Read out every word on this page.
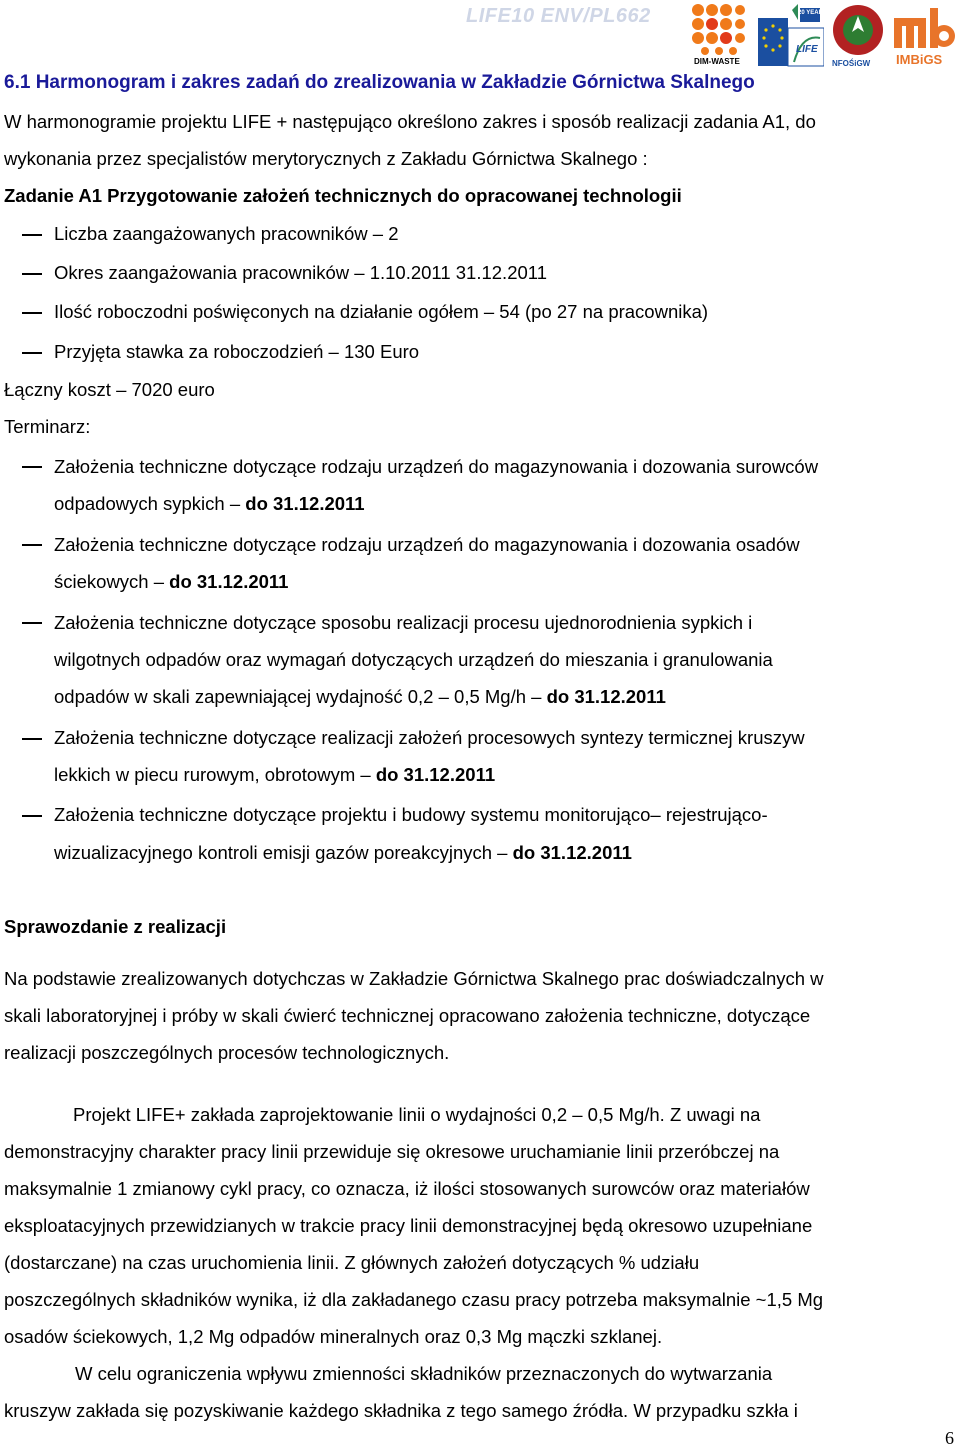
LIFE10 ENV/PL662
DIM-WASTE
20 YEARS
LIFE
NFOŚiGW IMBiGS
6.1 Harmonogram i zakres zadań do zrealizowania w Zakładzie Górnictwa Skalnego
W harmonogramie projektu LIFE + następująco określono zakres i sposób realizacji zadania A1, do
wykonania przez specjalistów merytorycznych z Zakładu Górnictwa Skalnego :
Zadanie A1 Przygotowanie założeń technicznych do opracowanej technologii
Liczba zaangażowanych pracowników – 2
Okres zaangażowania pracowników – 1.10.2011 31.12.2011
Ilość roboczodni poświęconych na działanie ogółem – 54 (po 27 na pracownika)
Przyjęta stawka za roboczodzień – 130 Euro
Łączny koszt – 7020 euro
Terminarz:
Założenia techniczne dotyczące rodzaju urządzeń do magazynowania i dozowania surowców
odpadowych sypkich – do 31.12.2011
Założenia techniczne dotyczące rodzaju urządzeń do magazynowania i dozowania osadów
ściekowych – do 31.12.2011
Założenia techniczne dotyczące sposobu realizacji procesu ujednorodnienia sypkich i
wilgotnych odpadów oraz wymagań dotyczących urządzeń do mieszania i granulowania
odpadów w skali zapewniającej wydajność 0,2 – 0,5 Mg/h – do 31.12.2011
Założenia techniczne dotyczące realizacji założeń procesowych syntezy termicznej kruszyw
lekkich w piecu rurowym, obrotowym – do 31.12.2011
Założenia techniczne dotyczące projektu i budowy systemu monitorująco– rejestrująco-
wizualizacyjnego kontroli emisji gazów poreakcyjnych – do 31.12.2011
Sprawozdanie z realizacji
Na podstawie zrealizowanych dotychczas w Zakładzie Górnictwa Skalnego prac doświadczalnych w
skali laboratoryjnej i próby w skali ćwierć technicznej opracowano założenia techniczne, dotyczące
realizacji poszczególnych procesów technologicznych.
Projekt LIFE+ zakłada zaprojektowanie linii o wydajności 0,2 – 0,5 Mg/h. Z uwagi na
demonstracyjny charakter pracy linii przewiduje się okresowe uruchamianie linii przeróbczej na
maksymalnie 1 zmianowy cykl pracy, co oznacza, iż ilości stosowanych surowców oraz materiałów
eksploatacyjnych przewidzianych w trakcie pracy linii demonstracyjnej będą okresowo uzupełniane
(dostarczane) na czas uruchomienia linii. Z głównych założeń dotyczących % udziału
poszczególnych składników wynika, iż dla zakładanego czasu pracy potrzeba maksymalnie ~1,5 Mg
osadów ściekowych, 1,2 Mg odpadów mineralnych oraz 0,3 Mg mączki szklanej.
W celu ograniczenia wpływu zmienności składników przeznaczonych do wytwarzania
kruszyw zakłada się pozyskiwanie każdego składnika z tego samego źródła. W przypadku szkła i
6
